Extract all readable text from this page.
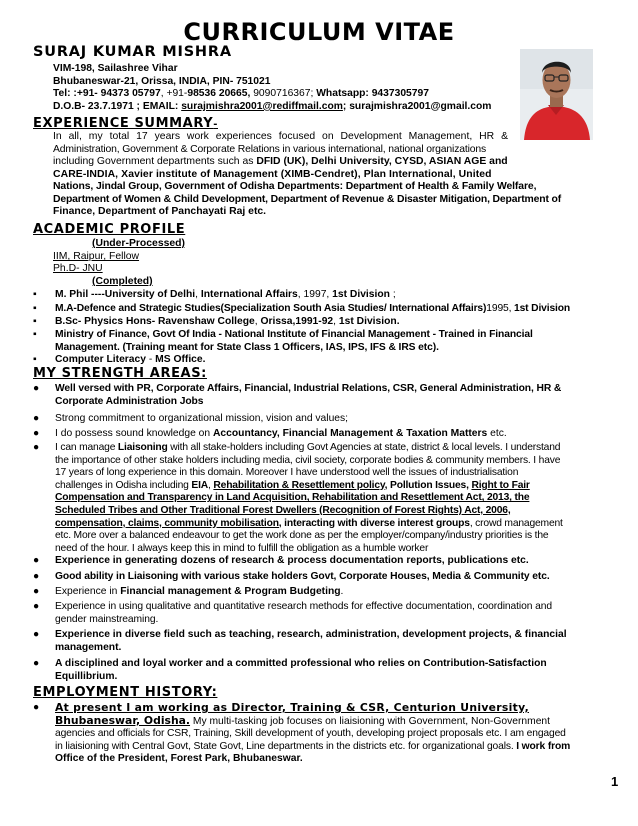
CURRICULUM VITAE
SURAJ KUMAR MISHRA
VIM-198, Sailashree Vihar
Bhubaneswar-21, Orissa, INDIA, PIN- 751021
Tel: :+91- 94373 05797, +91-98536 20665, 9090716367; Whatsapp: 9437305797
D.O.B- 23.7.1971 ; EMAIL: surajmishra2001@rediffmail.com; surajmishra2001@gmail.com
EXPERIENCE SUMMARY-
In all, my total 17 years work experiences focused on Development Management, HR &
Administration, Government & Corporate Relations in various international, national organizations
including Government departments such as DFID (UK), Delhi University, CYSD, ASIAN AGE and
CARE-INDIA, Xavier institute of Management (XIMB-Cendret), Plan International, United
Nations, Jindal Group, Government of Odisha Departments: Department of Health & Family Welfare,
Department of Women & Child Development, Department of Revenue & Disaster Mitigation, Department of
Finance, Department of Panchayati Raj etc.
ACADEMIC PROFILE
(Under-Processed)
IIM, Raipur, Fellow
Ph.D- JNU
(Completed)
▪ M. Phil ----University of Delhi, International Affairs, 1997, 1st Division ;
▪ M.A-Defence and Strategic Studies(Specialization South Asia Studies/ International Affairs)1995, 1st Division
▪ B.Sc- Physics Hons- Ravenshaw College, Orissa,1991-92, 1st Division.
▪ Ministry of Finance, Govt Of India - National Institute of Financial Management - Trained in Financial
Management. (Training meant for State Class 1 Officers, IAS, IPS, IFS & IRS etc).
▪ Computer Literacy - MS Office.
MY STRENGTH AREAS:
● Well versed with PR, Corporate Affairs, Financial, Industrial Relations, CSR, General Administration, HR &
Corporate Administration Jobs
● Strong commitment to organizational mission, vision and values;
● I do possess sound knowledge on Accountancy, Financial Management & Taxation Matters etc.
● I can manage Liaisoning with all stake-holders including Govt Agencies at state, district & local levels. I understand
the importance of other stake holders including media, civil society, corporate bodies & community members. I have
17 years of long experience in this domain. Moreover I have understood well the issues of industrialisation
challenges in Odisha including EIA, Rehabilitation & Resettlement policy, Pollution Issues, Right to Fair
Compensation and Transparency in Land Acquisition, Rehabilitation and Resettlement Act, 2013, the
Scheduled Tribes and Other Traditional Forest Dwellers (Recognition of Forest Rights) Act, 2006,
compensation, claims, community mobilisation, interacting with diverse interest groups, crowd management
etc. More over a balanced endeavour to get the work done as per the employer/company/industry priorities is the
need of the hour. I always keep this in mind to fulfill the obligation as a humble worker
● Experience in generating dozens of research & process documentation reports, publications etc.
● Good ability in Liaisoning with various stake holders Govt, Corporate Houses, Media & Community etc.
● Experience in Financial management & Program Budgeting.
● Experience in using qualitative and quantitative research methods for effective documentation, coordination and
gender mainstreaming.
● Experience in diverse field such as teaching, research, administration, development projects, & financial
management.
● A disciplined and loyal worker and a committed professional who relies on Contribution-Satisfaction
Equillibrium.
EMPLOYMENT HISTORY:
● At present I am working as Director, Training & CSR, Centurion University,
Bhubaneswar, Odisha. My multi-tasking job focuses on liaisioning with Government, Non-Government
agencies and officials for CSR, Training, Skill development of youth, developing project proposals etc. I am engaged
in liaisioning with Central Govt, State Govt, Line departments in the districts etc. for organizational goals. I work from
Office of the President, Forest Park, Bhubaneswar.
1
